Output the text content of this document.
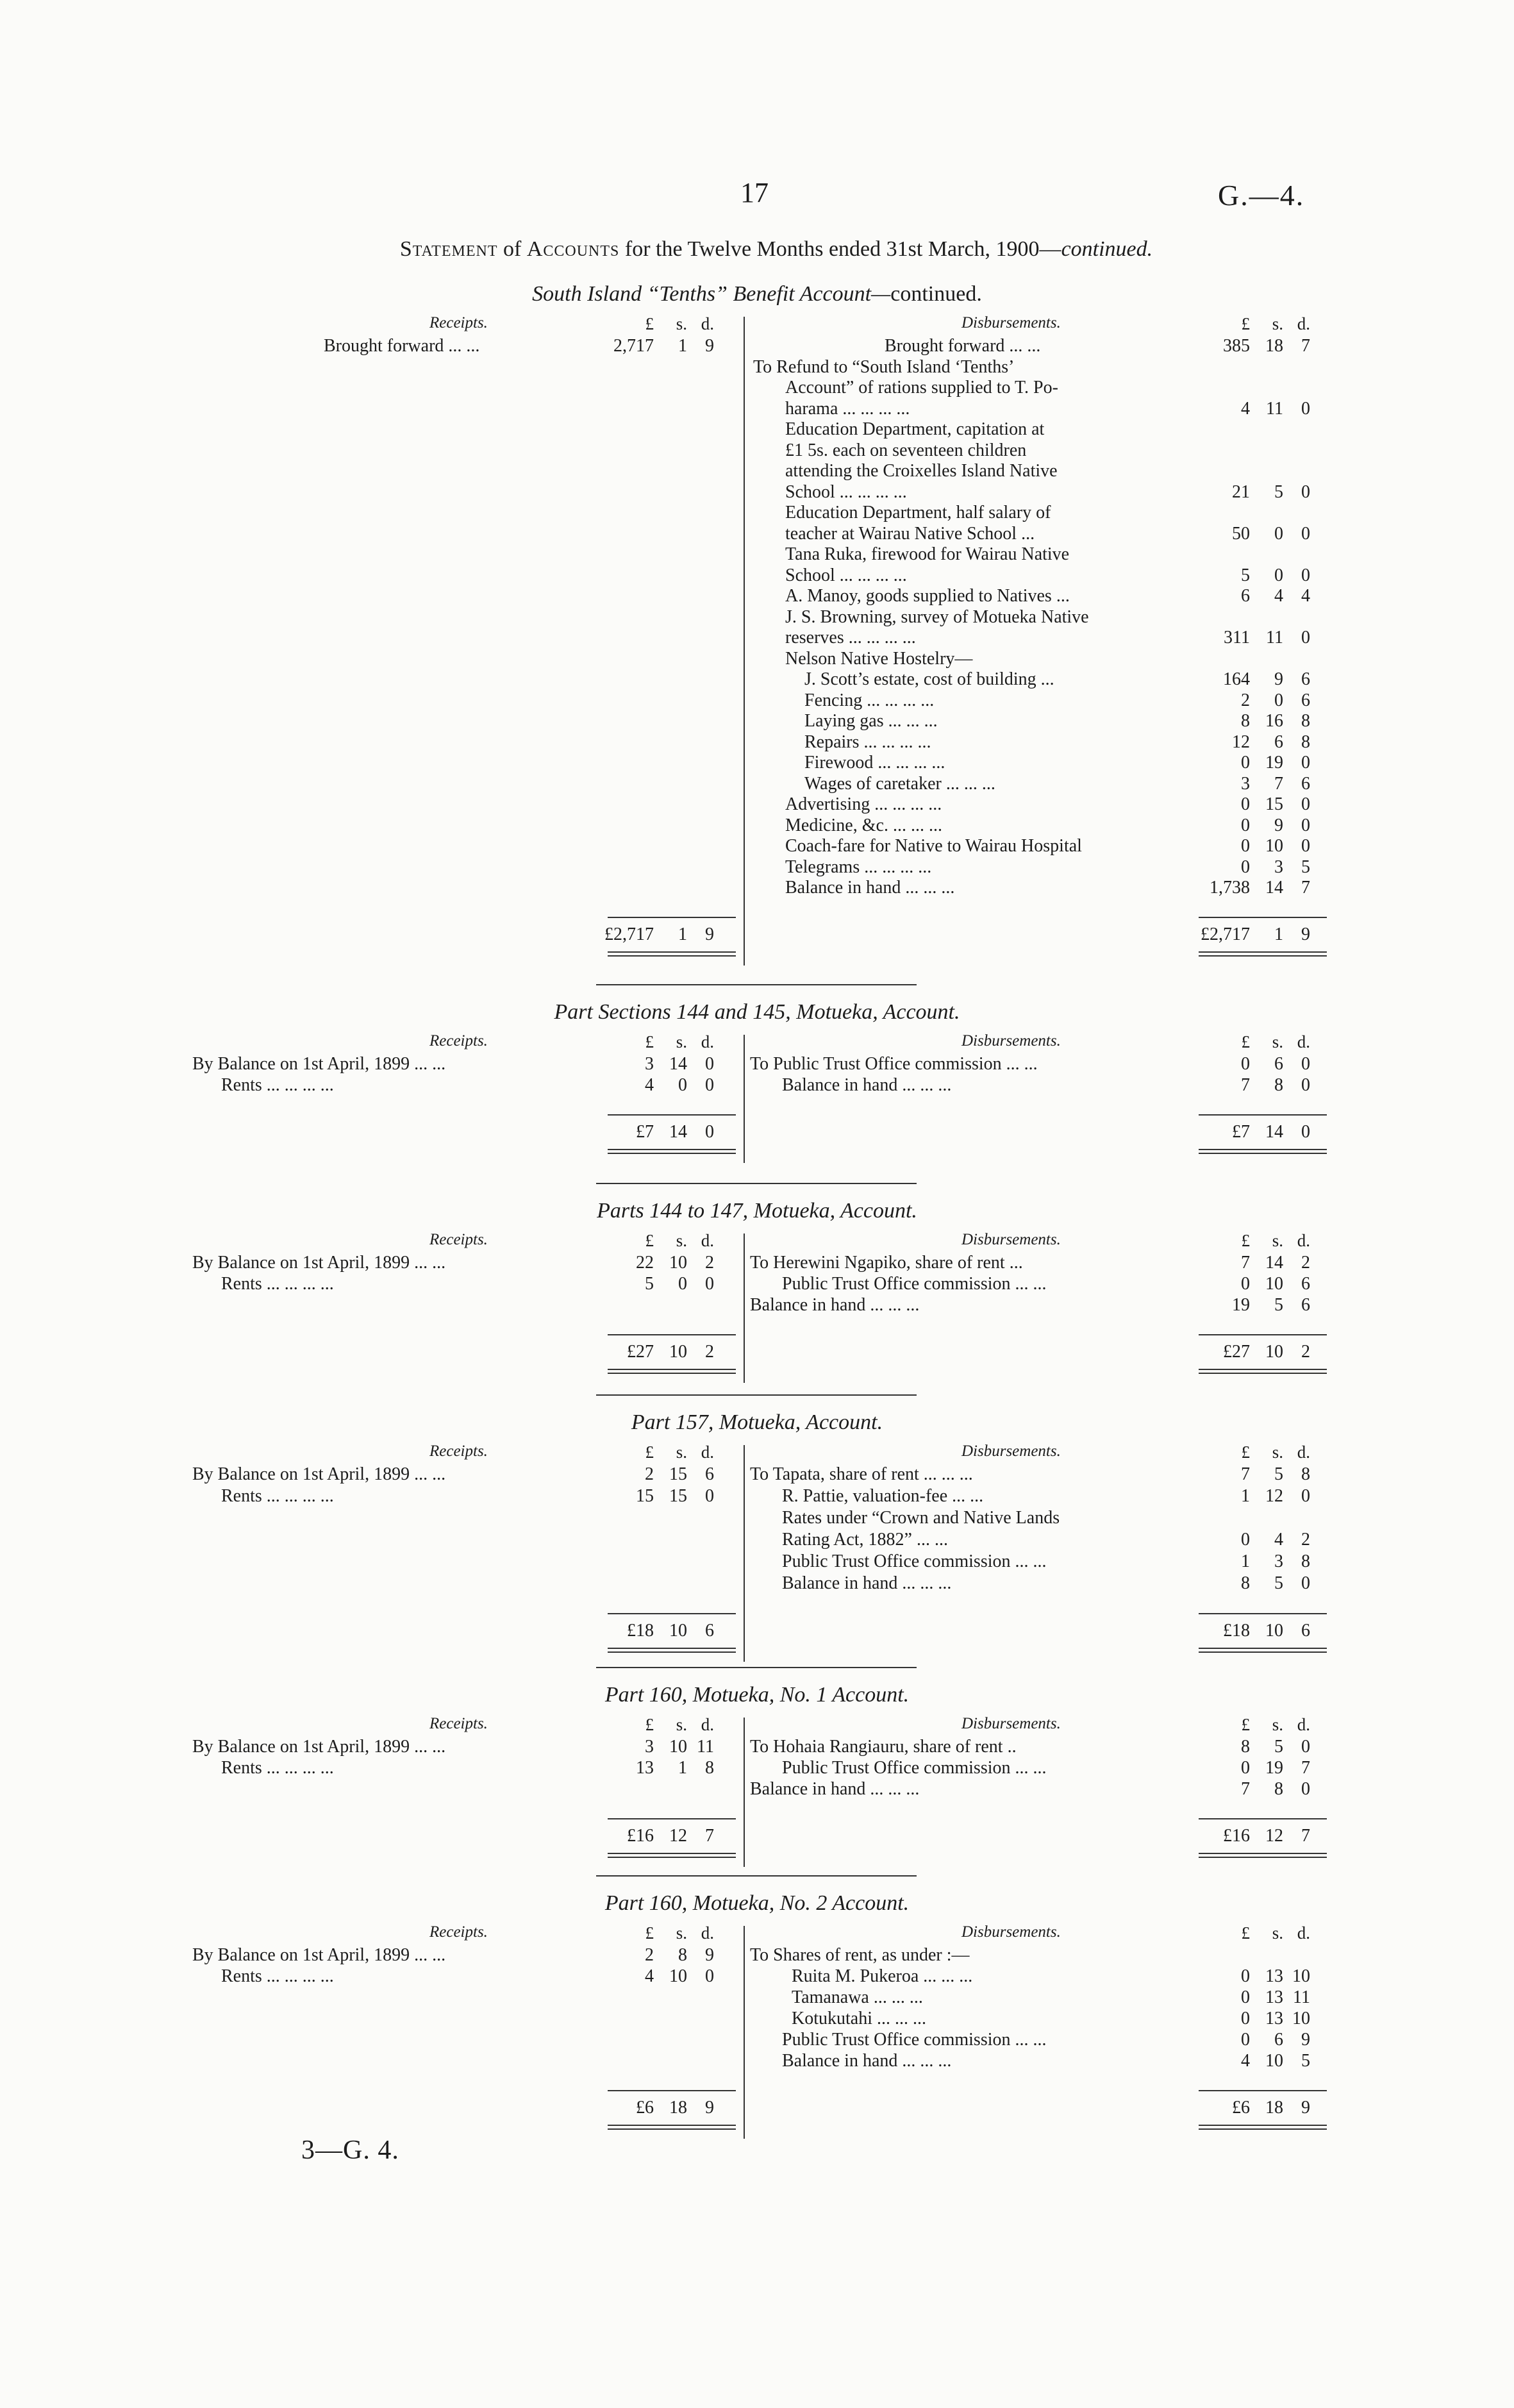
17	G.—4.
Statement of Accounts for the Twelve Months ended 31st March, 1900—continued.
South Island “Tenths” Benefit Account—continued.
Receipts.	£ s. d.	Disbursements.	£ s. d.
Brought forward ... ...	2,717 1 9	Brought forward ... ...	385 18 7
To Refund to “South Island ‘Tenths’
Account” of rations supplied to T. Po-
harama ... ... ... ...	4 11 0
Education Department, capitation at
£1 5s. each on seventeen children
attending the Croixelles Island Native
School ... ... ... ...	21 5 0
Education Department, half salary of
teacher at Wairau Native School ...	50 0 0
Tana Ruka, firewood for Wairau Native
School ... ... ... ...	5 0 0
A. Manoy, goods supplied to Natives ...	6 4 4
J. S. Browning, survey of Motueka Native
reserves ... ... ... ...	311 11 0
Nelson Native Hostelry—
J. Scott’s estate, cost of building ...	164 9 6
Fencing ... ... ... ...	2 0 6
Laying gas ... ... ...	8 16 8
Repairs ... ... ... ...	12 6 8
Firewood ... ... ... ...	0 19 0
Wages of caretaker ... ... ...	3 7 6
Advertising ... ... ... ...	0 15 0
Medicine, &c. ... ... ...	0 9 0
Coach-fare for Native to Wairau Hospital	0 10 0
Telegrams ... ... ... ...	0 3 5
Balance in hand ... ... ...	1,738 14 7
£2,717 1 9	£2,717 1 9
Part Sections 144 and 145, Motueka, Account.
Receipts.	£ s. d.	Disbursements.	£ s. d.
By Balance on 1st April, 1899 ... ...	3 14 0
Rents ... ... ... ...	4 0 0
To Public Trust Office commission ... ...	0 6 0
Balance in hand ... ... ...	7 8 0
£7 14 0	£7 14 0
Parts 144 to 147, Motueka, Account.
Receipts.	£ s. d.	Disbursements.	£ s. d.
By Balance on 1st April, 1899 ... ...	22 10 2
Rents ... ... ... ...	5 0 0
To Herewini Ngapiko, share of rent ...	7 14 2
Public Trust Office commission ... ...	0 10 6
Balance in hand ... ... ...	19 5 6
£27 10 2	£27 10 2
Part 157, Motueka, Account.
Receipts.	£ s. d.	Disbursements.	£ s. d.
By Balance on 1st April, 1899 ... ...	2 15 6
Rents ... ... ... ...	15 15 0
To Tapata, share of rent ... ... ...	7 5 8
R. Pattie, valuation-fee ... ...	1 12 0
Rates under “Crown and Native Lands
Rating Act, 1882” ... ...	0 4 2
Public Trust Office commission ... ...	1 3 8
Balance in hand ... ... ...	8 5 0
£18 10 6	£18 10 6
Part 160, Motueka, No. 1 Account.
Receipts.	£ s. d.	Disbursements.	£ s. d.
By Balance on 1st April, 1899 ... ...	3 10 11
Rents ... ... ... ...	13 1 8
To Hohaia Rangiauru, share of rent ..	8 5 0
Public Trust Office commission ... ...	0 19 7
Balance in hand ... ... ...	7 8 0
£16 12 7	£16 12 7
Part 160, Motueka, No. 2 Account.
Receipts.	£ s. d.	Disbursements.	£ s. d.
By Balance on 1st April, 1899 ... ...	2 8 9
Rents ... ... ... ...	4 10 0
To Shares of rent, as under :—
Ruita M. Pukeroa ... ... ...	0 13 10
Tamanawa ... ... ...	0 13 11
Kotukutahi ... ... ...	0 13 10
Public Trust Office commission ... ...	0 6 9
Balance in hand ... ... ...	4 10 5
£6 18 9	£6 18 9
3—G. 4.
